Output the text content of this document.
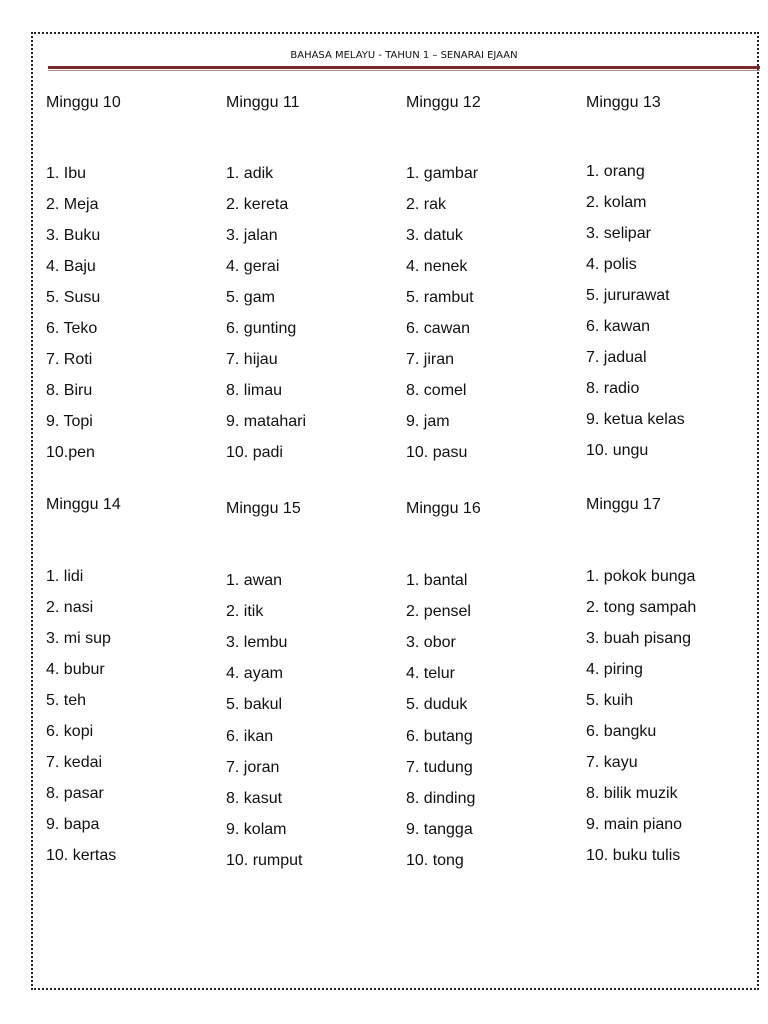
BAHASA MELAYU - TAHUN 1 – SENARAI EJAAN
Minggu 10
1. Ibu
2. Meja
3. Buku
4. Baju
5. Susu
6. Teko
7. Roti
8. Biru
9. Topi
10.pen
Minggu 11
1. adik
2. kereta
3. jalan
4. gerai
5. gam
6. gunting
7. hijau
8. limau
9. matahari
10. padi
Minggu 12
1. gambar
2. rak
3. datuk
4. nenek
5. rambut
6. cawan
7. jiran
8. comel
9. jam
10. pasu
Minggu 13
1. orang
2. kolam
3. selipar
4. polis
5. jururawat
6. kawan
7. jadual
8. radio
9. ketua kelas
10. ungu
Minggu 14
1. lidi
2. nasi
3. mi sup
4. bubur
5. teh
6. kopi
7. kedai
8. pasar
9. bapa
10. kertas
Minggu 15
1. awan
2. itik
3. lembu
4. ayam
5. bakul
6. ikan
7. joran
8. kasut
9. kolam
10. rumput
Minggu 16
1. bantal
2. pensel
3. obor
4. telur
5. duduk
6. butang
7. tudung
8. dinding
9. tangga
10. tong
Minggu 17
1. pokok bunga
2. tong sampah
3. buah pisang
4. piring
5. kuih
6. bangku
7. kayu
8. bilik muzik
9. main piano
10. buku tulis
